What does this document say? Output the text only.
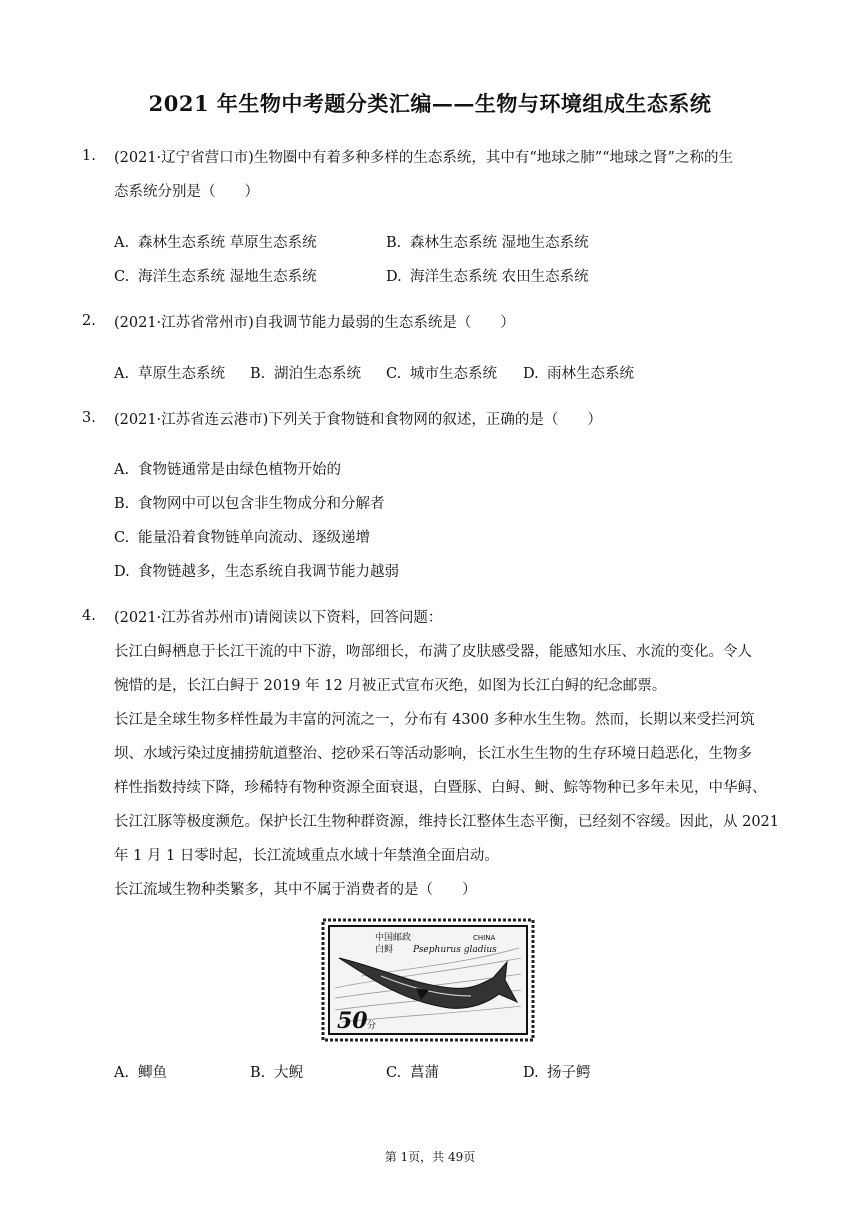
2021 年生物中考题分类汇编——生物与环境组成生态系统
1. (2021·辽宁省营口市)生物圈中有着多种多样的生态系统，其中有“地球之肺”“地球之肾”之称的生
态系统分别是（　　）
A. 森林生态系统 草原生态系统	B. 森林生态系统 湿地生态系统
C. 海洋生态系统 湿地生态系统	D. 海洋生态系统 农田生态系统
2. (2021·江苏省常州市)自我调节能力最弱的生态系统是（　　）
A. 草原生态系统 B. 湖泊生态系统 C. 城市生态系统 D. 雨林生态系统
3. (2021·江苏省连云港市)下列关于食物链和食物网的叙述，正确的是（　　）
A. 食物链通常是由绿色植物开始的
B. 食物网中可以包含非生物成分和分解者
C. 能量沿着食物链单向流动、逐级递增
D. 食物链越多，生态系统自我调节能力越弱
4. (2021·江苏省苏州市)请阅读以下资料，回答问题：
长江白鲟栖息于长江干流的中下游，吻部细长，布满了皮肤感受器，能感知水压、水流的变化。令人
惋惜的是，长江白鲟于 2019 年 12 月被正式宣布灭绝，如图为长江白鲟的纪念邮票。
长江是全球生物多样性最为丰富的河流之一，分布有 4300 多种水生生物。然而，长期以来受拦河筑
坝、水域污染过度捕捞航道整治、挖砂采石等活动影响，长江水生生物的生存环境日趋恶化，生物多
样性指数持续下降，珍稀特有物种资源全面衰退，白暨豚、白鲟、鲥、鯮等物种已多年未见，中华鲟、
长江江豚等极度濒危。保护长江生物种群资源，维持长江整体生态平衡，已经刻不容缓。因此，从 2021
年 1 月 1 日零时起，长江流域重点水域十年禁渔全面启动。
长江流域生物种类繁多，其中不属于消费者的是（　　）
中国邮政	CHINA
白鲟 Psephurus gladius
50 分
A. 鲫鱼	B. 大鲵	C. 菖蒲	D. 扬子鳄
第 1页，共 49页
